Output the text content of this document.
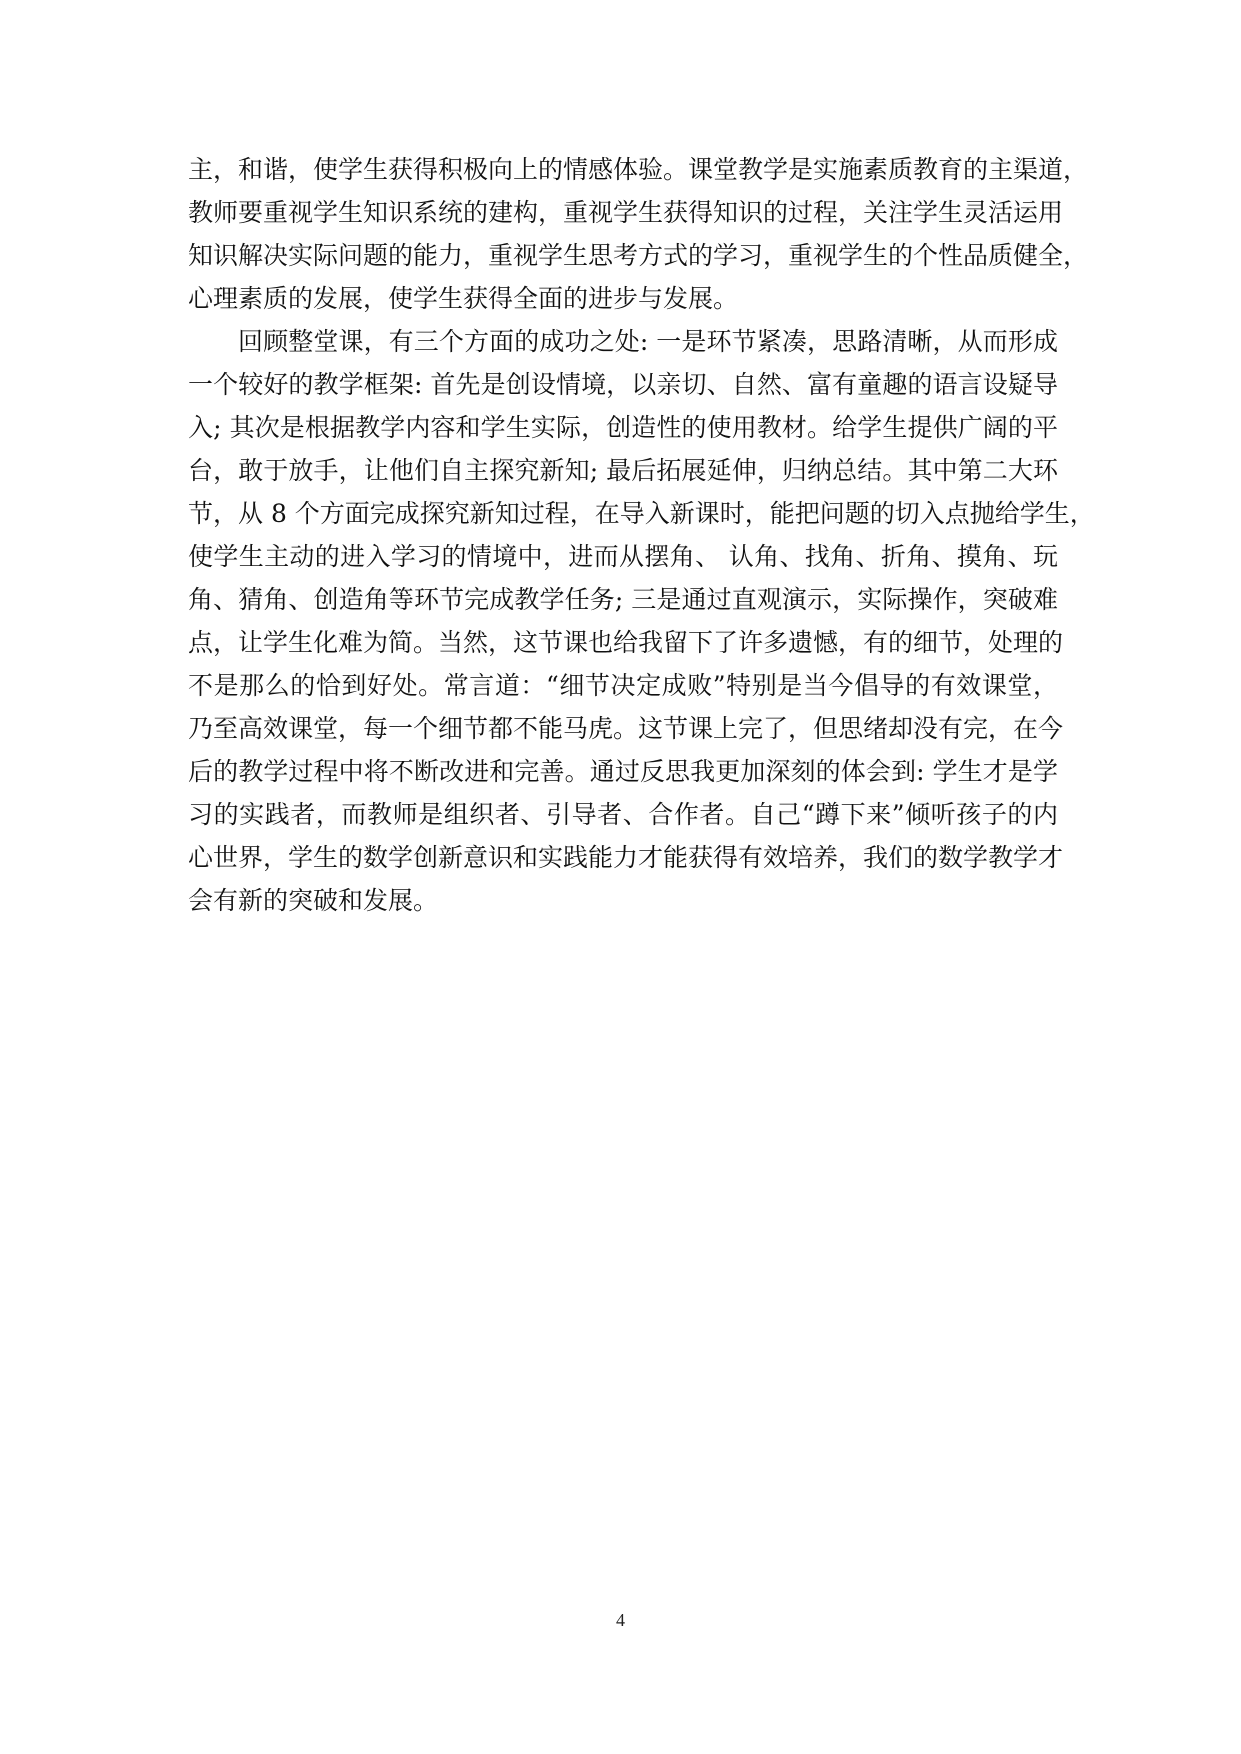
主，和谐，使学生获得积极向上的情感体验。课堂教学是实施素质教育的主渠道，
教师要重视学生知识系统的建构，重视学生获得知识的过程，关注学生灵活运用
知识解决实际问题的能力，重视学生思考方式的学习，重视学生的个性品质健全，
心理素质的发展，使学生获得全面的进步与发展。
回顾整堂课，有三个方面的成功之处: 一是环节紧凑，思路清晰，从而形成
一个较好的教学框架: 首先是创设情境，以亲切、自然、富有童趣的语言设疑导
入; 其次是根据教学内容和学生实际，创造性的使用教材。给学生提供广阔的平
台，敢于放手，让他们自主探究新知; 最后拓展延伸，归纳总结。其中第二大环
节，从 8 个方面完成探究新知过程，在导入新课时，能把问题的切入点抛给学生，
使学生主动的进入学习的情境中，进而从摆角、 认角、找角、折角、摸角、玩
角、猜角、创造角等环节完成教学任务; 三是通过直观演示，实际操作，突破难
点，让学生化难为简。当然，这节课也给我留下了许多遗憾，有的细节，处理的
不是那么的恰到好处。常言道：“细节决定成败”特别是当今倡导的有效课堂，
乃至高效课堂，每一个细节都不能马虎。这节课上完了，但思绪却没有完，在今
后的教学过程中将不断改进和完善。通过反思我更加深刻的体会到: 学生才是学
习的实践者，而教师是组织者、引导者、合作者。自己“蹲下来”倾听孩子的内
心世界，学生的数学创新意识和实践能力才能获得有效培养，我们的数学教学才
会有新的突破和发展。
4
